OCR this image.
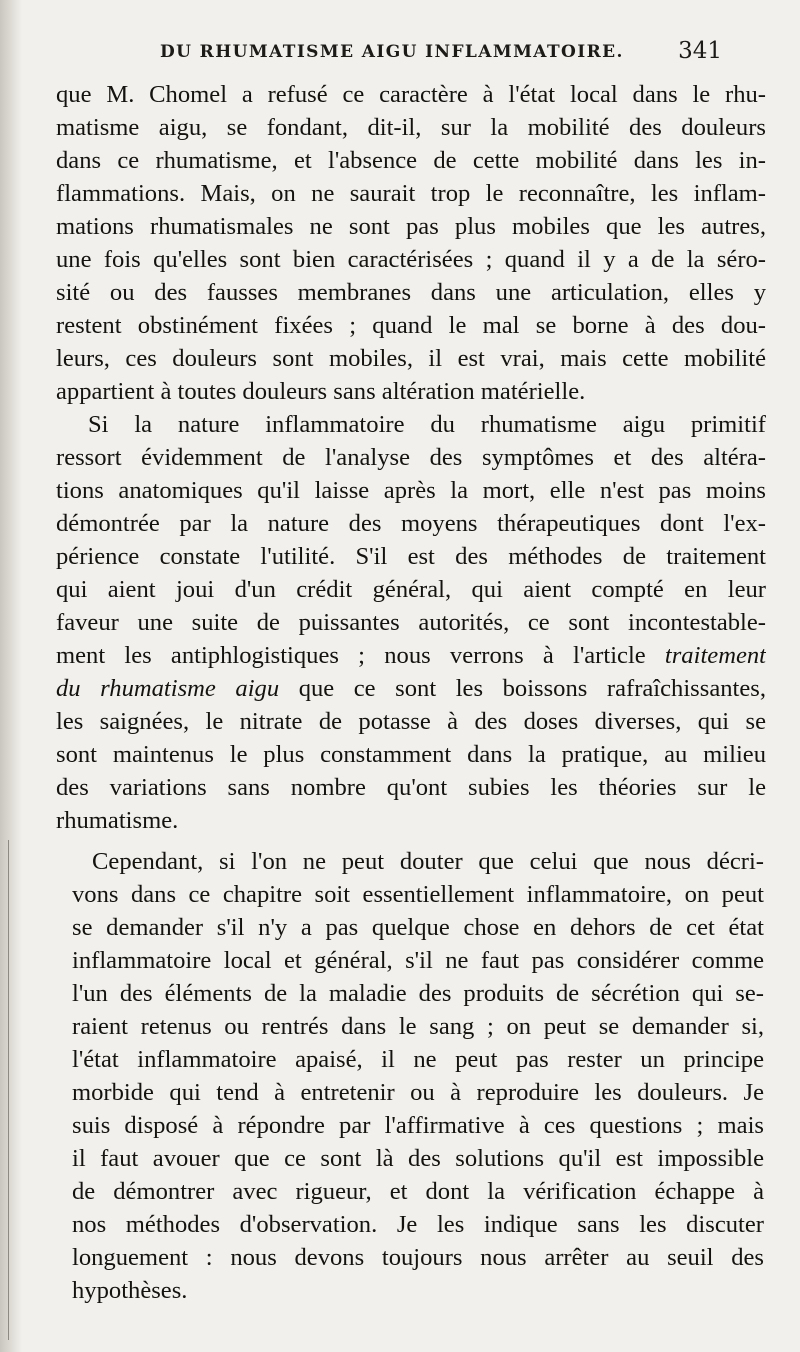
DU RHUMATISME AIGU INFLAMMATOIRE. 341
que M. Chomel a refusé ce caractère à l'état local dans le rhu-
matisme aigu, se fondant, dit-il, sur la mobilité des douleurs
dans ce rhumatisme, et l'absence de cette mobilité dans les in-
flammations. Mais, on ne saurait trop le reconnaître, les inflam-
mations rhumatismales ne sont pas plus mobiles que les autres,
une fois qu'elles sont bien caractérisées ; quand il y a de la séro-
sité ou des fausses membranes dans une articulation, elles y
restent obstinément fixées ; quand le mal se borne à des dou-
leurs, ces douleurs sont mobiles, il est vrai, mais cette mobilité
appartient à toutes douleurs sans altération matérielle.
Si la nature inflammatoire du rhumatisme aigu primitif
ressort évidemment de l'analyse des symptômes et des altéra-
tions anatomiques qu'il laisse après la mort, elle n'est pas moins
démontrée par la nature des moyens thérapeutiques dont l'ex-
périence constate l'utilité. S'il est des méthodes de traitement
qui aient joui d'un crédit général, qui aient compté en leur
faveur une suite de puissantes autorités, ce sont incontestable-
ment les antiphlogistiques ; nous verrons à l'article traitement
du rhumatisme aigu que ce sont les boissons rafraîchissantes,
les saignées, le nitrate de potasse à des doses diverses, qui se
sont maintenus le plus constamment dans la pratique, au milieu
des variations sans nombre qu'ont subies les théories sur le
rhumatisme.
Cependant, si l'on ne peut douter que celui que nous décri-
vons dans ce chapitre soit essentiellement inflammatoire, on peut
se demander s'il n'y a pas quelque chose en dehors de cet état
inflammatoire local et général, s'il ne faut pas considérer comme
l'un des éléments de la maladie des produits de sécrétion qui se-
raient retenus ou rentrés dans le sang ; on peut se demander si,
l'état inflammatoire apaisé, il ne peut pas rester un principe
morbide qui tend à entretenir ou à reproduire les douleurs. Je
suis disposé à répondre par l'affirmative à ces questions ; mais
il faut avouer que ce sont là des solutions qu'il est impossible
de démontrer avec rigueur, et dont la vérification échappe à
nos méthodes d'observation. Je les indique sans les discuter
longuement : nous devons toujours nous arrêter au seuil des
hypothèses.
